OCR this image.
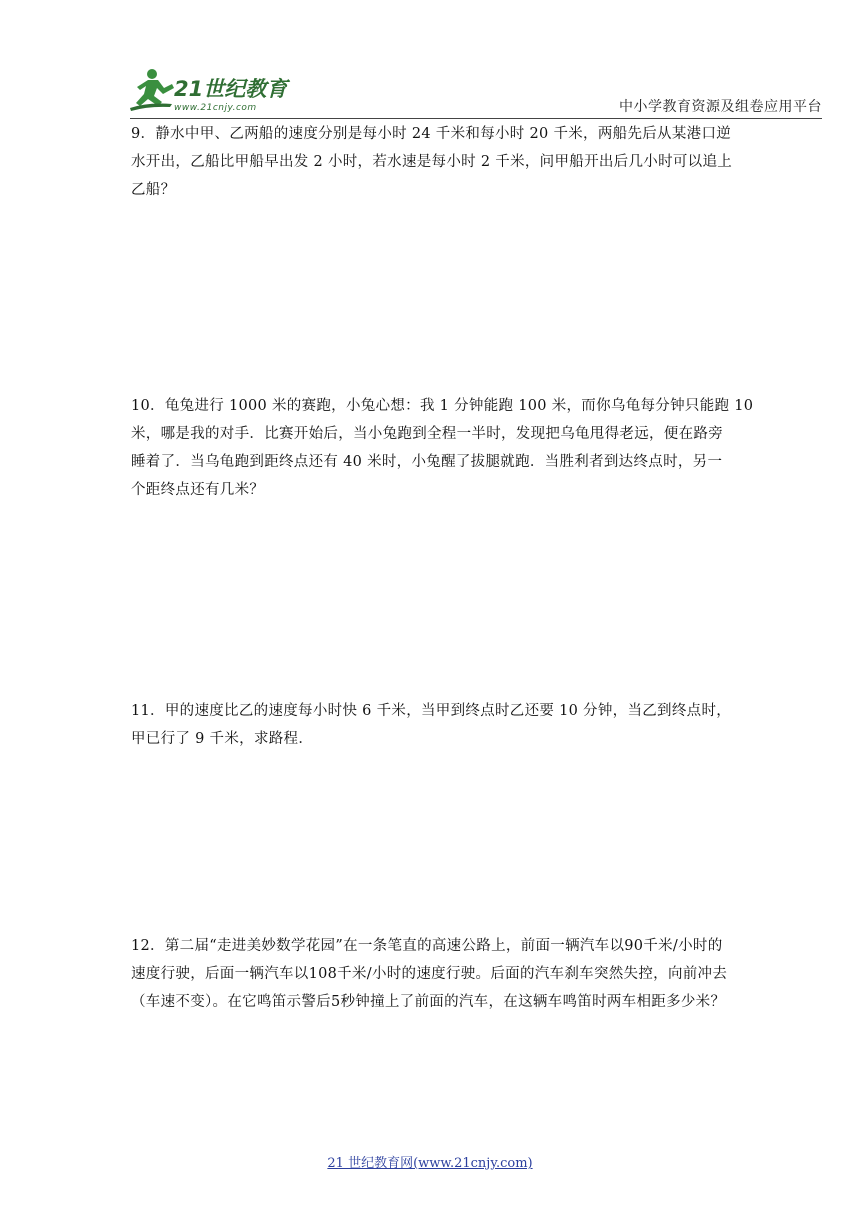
21世纪教育
www.21cnjy.com	中小学教育资源及组卷应用平台
9．静水中甲、乙两船的速度分别是每小时 24 千米和每小时 20 千米，两船先后从某港口逆
水开出，乙船比甲船早出发 2 小时，若水速是每小时 2 千米，问甲船开出后几小时可以追上
乙船？
10．龟兔进行 1000 米的赛跑，小兔心想：我 1 分钟能跑 100 米，而你乌龟每分钟只能跑 10
米，哪是我的对手．比赛开始后，当小兔跑到全程一半时，发现把乌龟甩得老远，便在路旁
睡着了．当乌龟跑到距终点还有 40 米时，小兔醒了拔腿就跑．当胜利者到达终点时，另一
个距终点还有几米？
11．甲的速度比乙的速度每小时快 6 千米，当甲到终点时乙还要 10 分钟，当乙到终点时，
甲已行了 9 千米，求路程．
12．第二届“走进美妙数学花园”在一条笔直的高速公路上，前面一辆汽车以90千米/小时的
速度行驶，后面一辆汽车以108千米/小时的速度行驶。后面的汽车刹车突然失控，向前冲去
（车速不变）。在它鸣笛示警后5秒钟撞上了前面的汽车，在这辆车鸣笛时两车相距多少米？
21 世纪教育网(www.21cnjy.com)
